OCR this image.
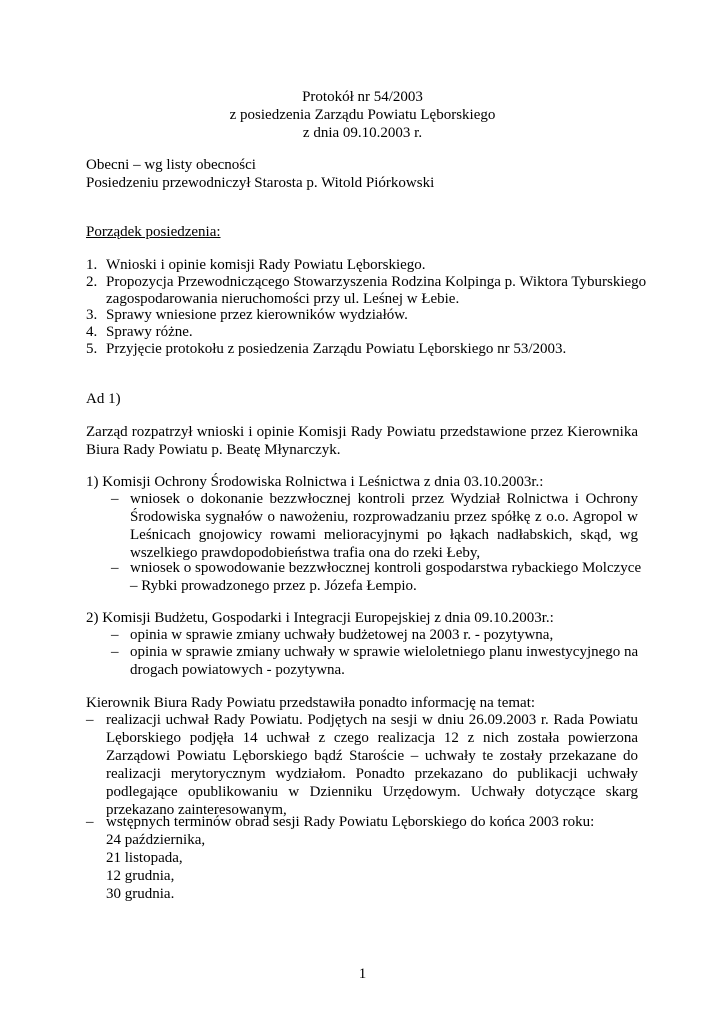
Protokół nr 54/2003
z posiedzenia Zarządu Powiatu Lęborskiego
z dnia 09.10.2003 r.
Obecni – wg listy obecności
Posiedzeniu przewodniczył Starosta p. Witold Piórkowski
Porządek posiedzenia:
1. Wnioski i opinie komisji Rady Powiatu Lęborskiego.
2. Propozycja Przewodniczącego Stowarzyszenia Rodzina Kolpinga p. Wiktora Tyburskiego
zagospodarowania nieruchomości przy ul. Leśnej w Łebie.
3. Sprawy wniesione przez kierowników wydziałów.
4. Sprawy różne.
5. Przyjęcie protokołu z posiedzenia Zarządu Powiatu Lęborskiego nr 53/2003.
Ad 1)
Zarząd rozpatrzył wnioski i opinie Komisji Rady Powiatu przedstawione przez Kierownika
Biura Rady Powiatu p. Beatę Młynarczyk.
1) Komisji Ochrony Środowiska Rolnictwa i Leśnictwa z dnia 03.10.2003r.:
– wniosek o dokonanie bezzwłocznej kontroli przez Wydział Rolnictwa i Ochrony
Środowiska sygnałów o nawożeniu, rozprowadzaniu przez spółkę z o.o. Agropol w
Leśnicach gnojowicy rowami melioracyjnymi po łąkach nadłabskich, skąd, wg
wszelkiego prawdopodobieństwa trafia ona do rzeki Łeby,
– wniosek o spowodowanie bezzwłocznej kontroli gospodarstwa rybackiego Molczyce
– Rybki prowadzonego przez p. Józefa Łempio.
2) Komisji Budżetu, Gospodarki i Integracji Europejskiej z dnia 09.10.2003r.:
– opinia w sprawie zmiany uchwały budżetowej na 2003 r. - pozytywna,
– opinia w sprawie zmiany uchwały w sprawie wieloletniego planu inwestycyjnego na
drogach powiatowych - pozytywna.
Kierownik Biura Rady Powiatu przedstawiła ponadto informację na temat:
– realizacji uchwał Rady Powiatu. Podjętych na sesji w dniu 26.09.2003 r. Rada Powiatu
Lęborskiego podjęła 14 uchwał z czego realizacja 12 z nich została powierzona
Zarządowi Powiatu Lęborskiego bądź Staroście – uchwały te zostały przekazane do
realizacji merytorycznym wydziałom. Ponadto przekazano do publikacji uchwały
podlegające opublikowaniu w Dzienniku Urzędowym. Uchwały dotyczące skarg
przekazano zainteresowanym,
– wstępnych terminów obrad sesji Rady Powiatu Lęborskiego do końca 2003 roku:
24 października,
21 listopada,
12 grudnia,
30 grudnia.
1
